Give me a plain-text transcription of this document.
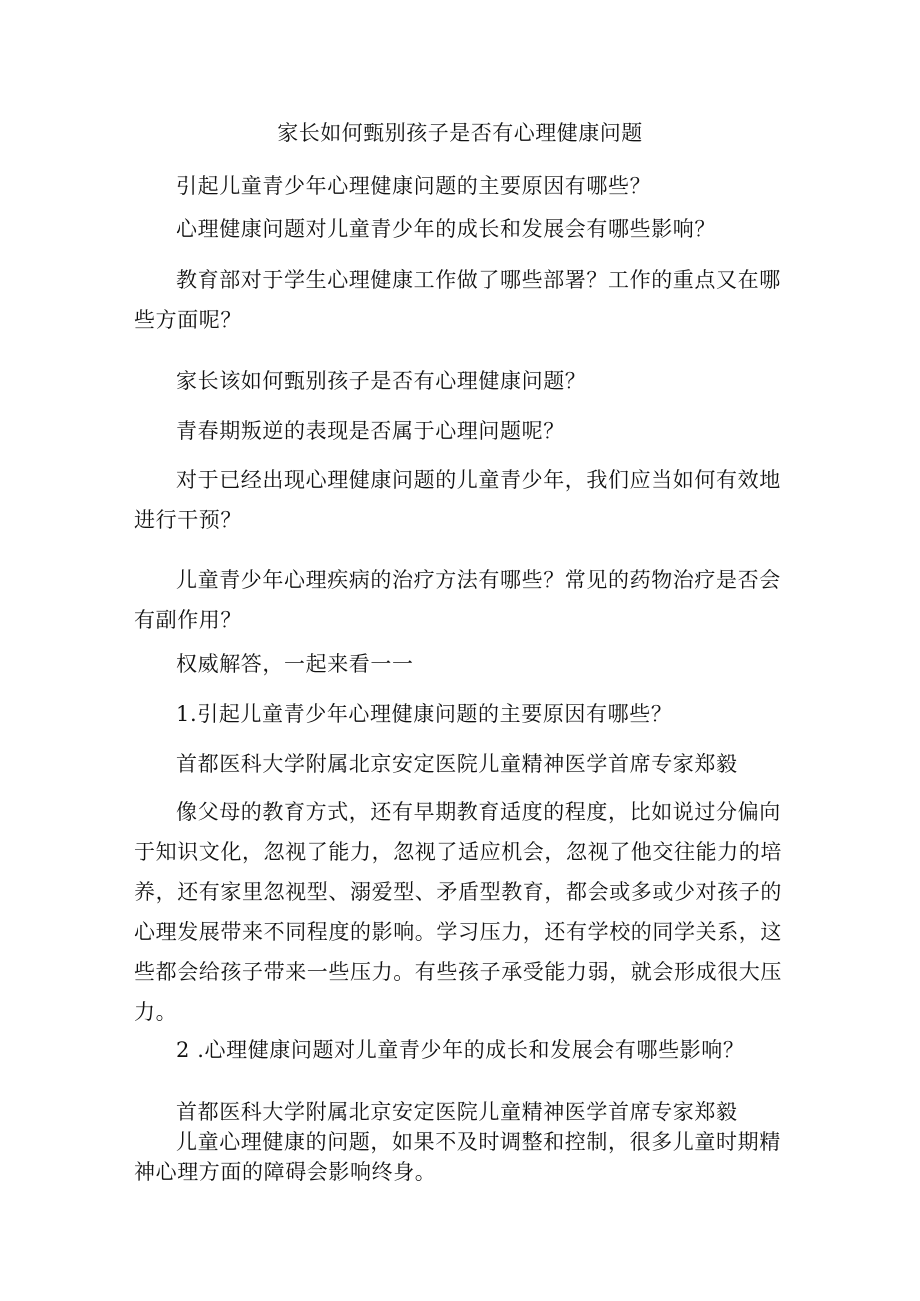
家长如何甄别孩子是否有心理健康问题

引起儿童青少年心理健康问题的主要原因有哪些？

心理健康问题对儿童青少年的成长和发展会有哪些影响？

教育部对于学生心理健康工作做了哪些部署？工作的重点又在哪些方面呢？

家长该如何甄别孩子是否有心理健康问题？

青春期叛逆的表现是否属于心理问题呢？

对于已经出现心理健康问题的儿童青少年，我们应当如何有效地进行干预？

儿童青少年心理疾病的治疗方法有哪些？常见的药物治疗是否会有副作用？

权威解答，一起来看一一

1.引起儿童青少年心理健康问题的主要原因有哪些？

首都医科大学附属北京安定医院儿童精神医学首席专家郑毅

像父母的教育方式，还有早期教育适度的程度，比如说过分偏向于知识文化，忽视了能力，忽视了适应机会，忽视了他交往能力的培养，还有家里忽视型、溺爱型、矛盾型教育，都会或多或少对孩子的心理发展带来不同程度的影响。学习压力，还有学校的同学关系，这些都会给孩子带来一些压力。有些孩子承受能力弱，就会形成很大压力。

2 .心理健康问题对儿童青少年的成长和发展会有哪些影响？

首都医科大学附属北京安定医院儿童精神医学首席专家郑毅

儿童心理健康的问题，如果不及时调整和控制，很多儿童时期精神心理方面的障碍会影响终身。
